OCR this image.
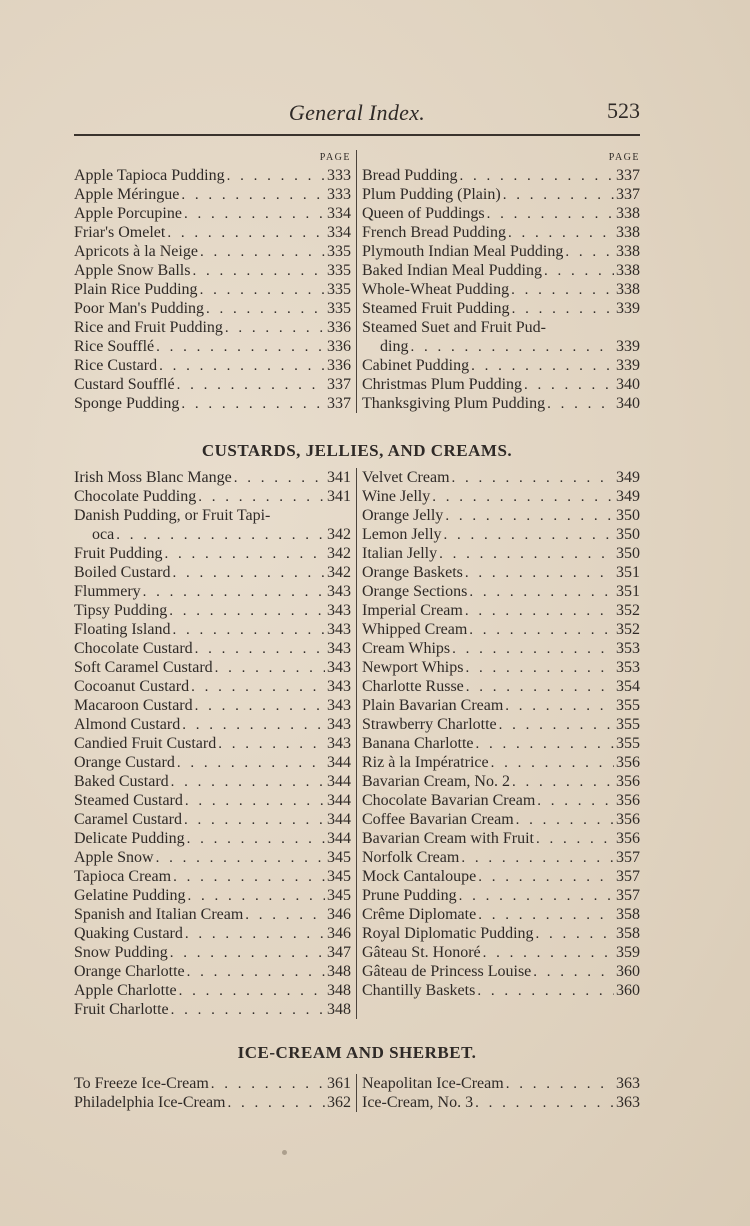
General Index.	523
PAGE
Apple Tapioca Pudding . . .	333
Apple Méringue . . .	333
Apple Porcupine . . .	334
Friar's Omelet . . .	334
Apricots à la Neige . . .	335
Apple Snow Balls . . .	335
Plain Rice Pudding . . .	335
Poor Man's Pudding . . .	335
Rice and Fruit Pudding . . .	336
Rice Soufflé . . .	336
Rice Custard . . .	336
Custard Soufflé . . .	337
Sponge Pudding . . .	337
PAGE
Bread Pudding . . .	337
Plum Pudding (Plain) . . .	337
Queen of Puddings . . .	338
French Bread Pudding . . .	338
Plymouth Indian Meal Pudding . . .	338
Baked Indian Meal Pudding . . .	338
Whole-Wheat Pudding . . .	338
Steamed Fruit Pudding . . .	339
Steamed Suet and Fruit Pud-
ding . . .	339
Cabinet Pudding . . .	339
Christmas Plum Pudding . . .	340
Thanksgiving Plum Pudding . . .	340
CUSTARDS, JELLIES, AND CREAMS.
Irish Moss Blanc Mange . . .	341
Chocolate Pudding . . .	341
Danish Pudding, or Fruit Tapi-
oca . . .	342
Fruit Pudding . . .	342
Boiled Custard . . .	342
Flummery . . .	343
Tipsy Pudding . . .	343
Floating Island . . .	343
Chocolate Custard . . .	343
Soft Caramel Custard . . .	343
Cocoanut Custard . . .	343
Macaroon Custard . . .	343
Almond Custard . . .	343
Candied Fruit Custard . . .	343
Orange Custard . . .	344
Baked Custard . . .	344
Steamed Custard . . .	344
Caramel Custard . . .	344
Delicate Pudding . . .	344
Apple Snow . . .	345
Tapioca Cream . . .	345
Gelatine Pudding . . .	345
Spanish and Italian Cream . . .	346
Quaking Custard . . .	346
Snow Pudding . . .	347
Orange Charlotte . . .	348
Apple Charlotte . . .	348
Fruit Charlotte . . .	348
Velvet Cream . . .	349
Wine Jelly . . .	349
Orange Jelly . . .	350
Lemon Jelly . . .	350
Italian Jelly . . .	350
Orange Baskets . . .	351
Orange Sections . . .	351
Imperial Cream . . .	352
Whipped Cream . . .	352
Cream Whips . . .	353
Newport Whips . . .	353
Charlotte Russe . . .	354
Plain Bavarian Cream . . .	355
Strawberry Charlotte . . .	355
Banana Charlotte . . .	355
Riz à la Impératrice . . .	356
Bavarian Cream, No. 2 . . .	356
Chocolate Bavarian Cream . . .	356
Coffee Bavarian Cream . . .	356
Bavarian Cream with Fruit . . .	356
Norfolk Cream . . .	357
Mock Cantaloupe . . .	357
Prune Pudding . . .	357
Crême Diplomate . . .	358
Royal Diplomatic Pudding . . .	358
Gâteau St. Honoré . . .	359
Gâteau de Princess Louise . . .	360
Chantilly Baskets . . .	360
ICE-CREAM AND SHERBET.
To Freeze Ice-Cream . . .	361
Philadelphia Ice-Cream . . .	362
Neapolitan Ice-Cream . . .	363
Ice-Cream, No. 3 . . .	363
